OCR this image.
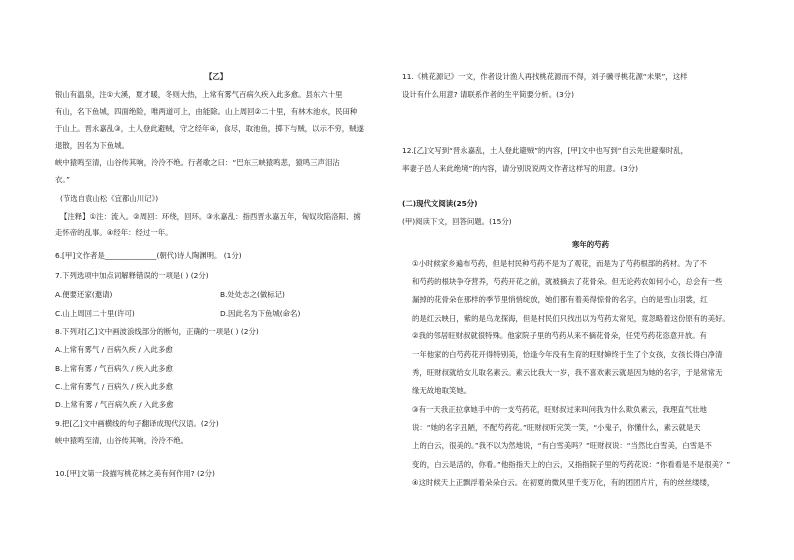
【乙】
银山有温泉，注①大溪，夏才暖，冬则大热，上常有雾气百病久疾入此多愈。县东六十里
有山，名下鱼城，四面绝险，唯两道可上，由能除。山上周回②二十里，有林木池水，民田种
于山上。晋永嘉乱③，土人登此避贼，守之经年④，食尽，取池鱼，掷下与贼，以示不穷，贼遂
退散，因名为下鱼城。
峡中猿鸣至清，山谷传其响，泠泠不绝。行者歌之曰：“巴东三峡猿鸣悲，猿鸣三声泪沾
衣。”
(节选自袁山松《宜都山川记》)
【注释】①注：流入。②周回：环绕，回环。③永嘉乱：指西晋永嘉五年，匈奴攻陷洛阳、掳
走怀帝的乱事。④经年：经过一年。
6.[甲]文作者是______________(朝代)诗人陶渊明。 (1分)
7.下列选项中加点词解释错误的一项是( ) (2分)
A.便要还家(邀请)
C.山上周回二十里(许可)
8.下列对[乙]文中画波浪线部分的断句，正确的一项是( ) (2分)
A.上常有雾气 / 百病久疾 / 入此多愈
B.上常有雾 / 气百病久 / 疾入此多愈
C.上常有雾气 / 百病久 / 疾入此多愈
D.上常有雾 / 气百病久疾 / 入此多愈
9.把[乙]文中画横线的句子翻译成现代汉语。(2分)
峡中猿鸣至清，山谷传其响，泠泠不绝。
10.[甲]文第一段描写桃花林之美有何作用? (2分)
B.处处志之(做标记)
D.因此名为下鱼城(命名)
11.《桃花源记》一文，作者设计渔人再找桃花源而不得，刘子骥寻桃花源“未果”，这样
设计有什么用意? 请联系作者的生平简要分析。(3分)
12.[乙]文写到“晋永嘉乱，土人登此避贼”的内容，[甲]文中也写到“自云先世避秦时乱，
率妻子邑人来此绝境”的内容，请分别说说两文作者这样写的用意。(3分)
(二)现代文阅读(25分)
(甲)阅读下文，回答问题。(15分)
寒年的芍药
①小时候家乡遍布芍药，但是村民种芍药不是为了观花，而是为了芍药根部的药材。为了不
和芍药的根块争夺营养，芍药开花之前，就被摘去了花骨朵。但无论药农如何小心，总会有一些
漏掉的花骨朵在那样的季节里悄悄绽放，她们都有着美得惊骨的名字，白的是雪山羽裳，红
的是红云映日，紫的是乌龙探海，但是村民们只找出以为芍药太常见，竟忽略着这份原有的美好。
②我的邻居旺财叔就很特殊。他家院子里的芍药从来不摘花骨朵，任凭芍药花恣意开放。有
一年他家的白芍药花开得特别美，恰逢今年没有生育的旺财婶终于生了个女孩，女孩长得白净清
秀，旺财叔就给女儿取名素云。素云比我大一岁，我不喜欢素云就是因为她的名字，于是常常无
缘无故地取笑她。
③有一天我正拉拿她手中的一支芍药花，旺财叔过来叫问我为什么欺负素云，我理直气壮地
说：“她的名字丑陋，不配芍药花。”旺财叔听完笑一笑，“小鬼子，你懂什么，素云就是天
上的白云，很美的。”我不以为然地说，“有白雪美吗？”旺财叔说：“当然比白雪美，白雪是不
变的，白云是活的，你看。”他指指天上的白云，又指指院子里的芍药花说：“你看看是不是很美？”
④这时候天上正飘浮着朵朵白云。在初夏的微风里千变万化，有的团团片片，有的丝丝缕缕，
